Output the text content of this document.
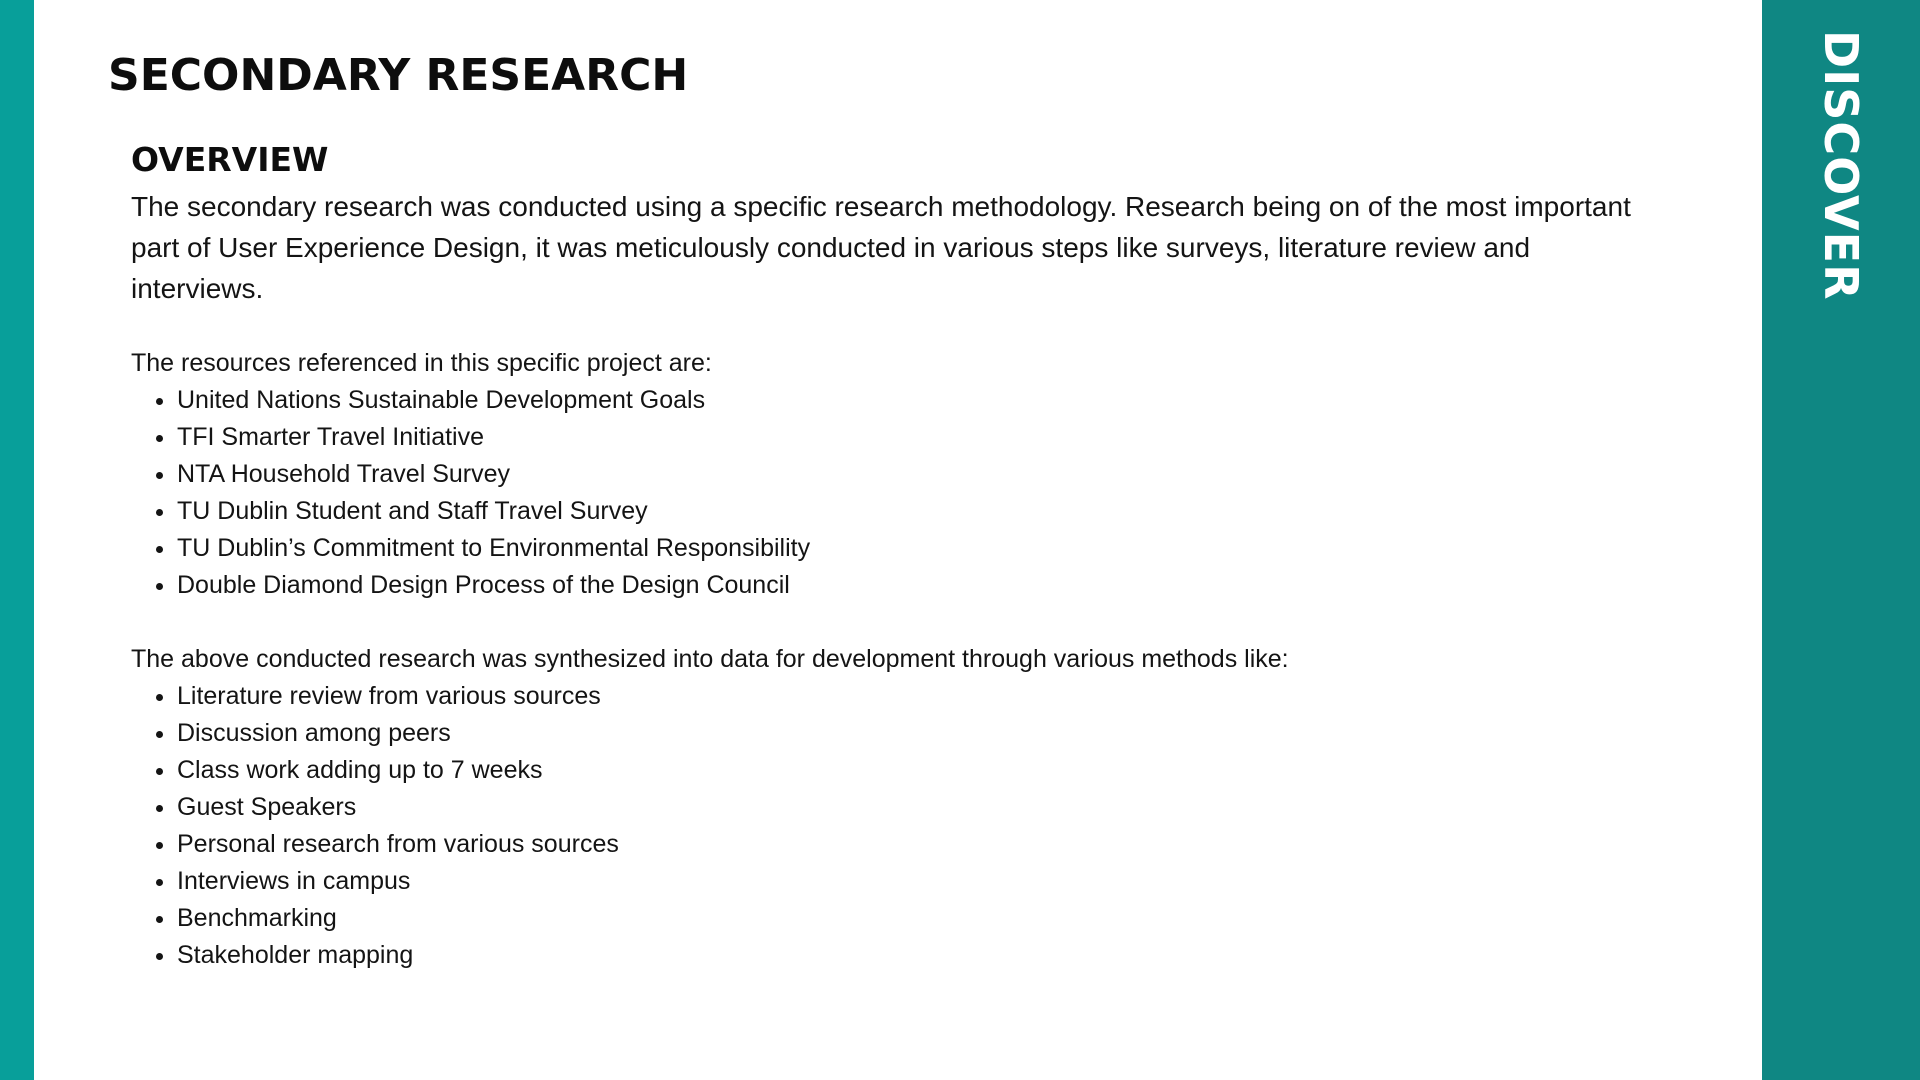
DISCOVER
SECONDARY RESEARCH
OVERVIEW

The secondary research was conducted using a specific research methodology. Research being on of the most important part of User Experience Design, it was meticulously conducted in various steps like surveys, literature review and interviews.

The resources referenced in this specific project are:

• United Nations Sustainable Development Goals
• TFI Smarter Travel Initiative
• NTA Household Travel Survey
• TU Dublin Student and Staff Travel Survey
• TU Dublin’s Commitment to Environmental Responsibility
• Double Diamond Design Process of the Design Council

The above conducted research was synthesized into data for development through various methods like:

• Literature review from various sources
• Discussion among peers
• Class work adding up to 7 weeks
• Guest Speakers
• Personal research from various sources
• Interviews in campus
• Benchmarking
• Stakeholder mapping
